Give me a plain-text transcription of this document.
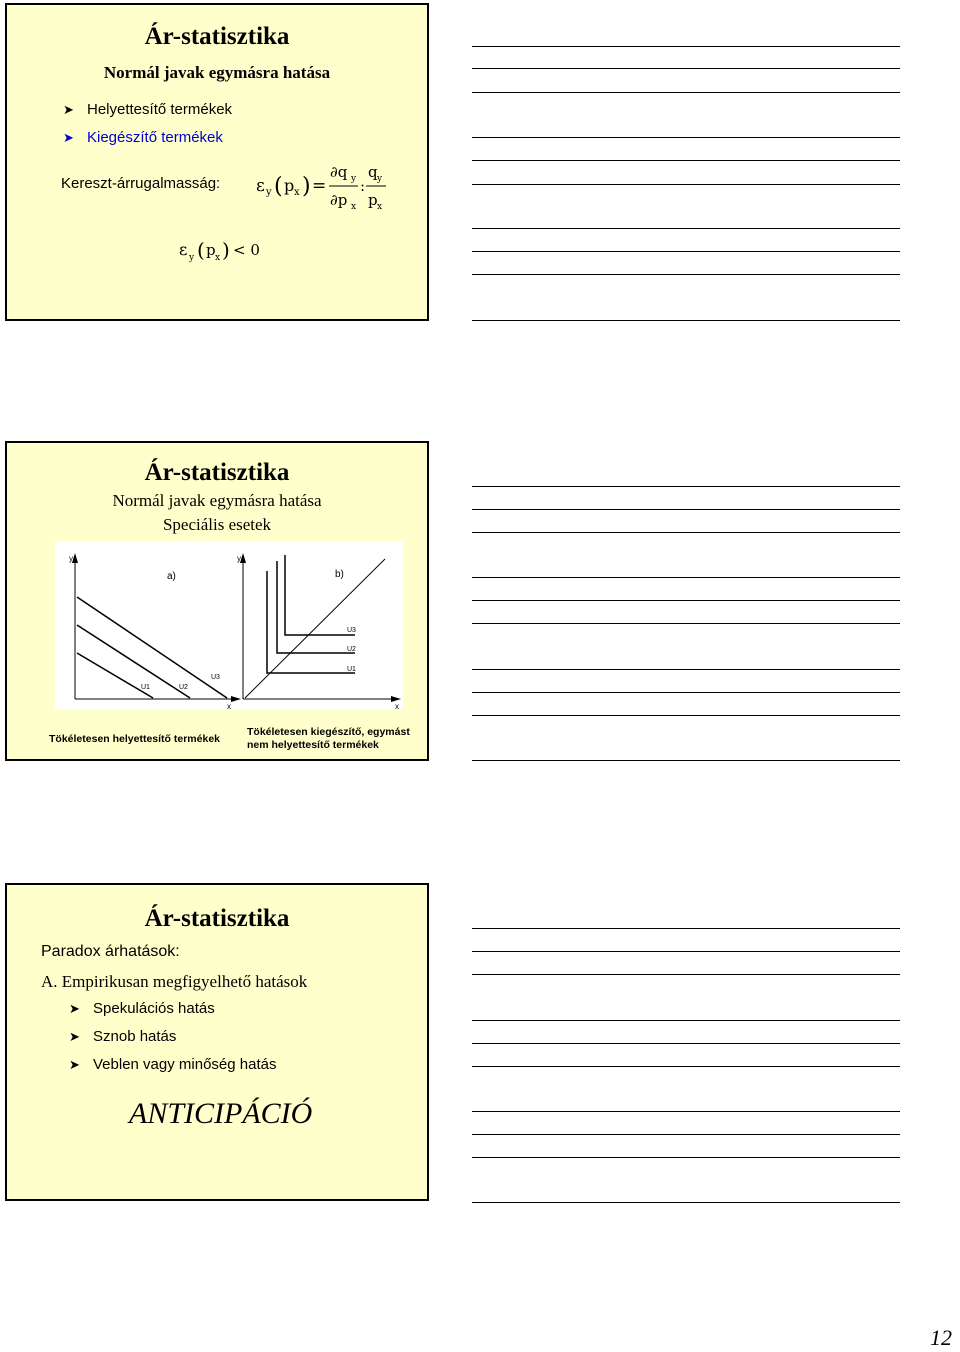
Ár-statisztika
Normál javak egymásra hatása
➤ Helyettesítő termékek
➤ Kiegészítő termékek
Kereszt-árrugalmasság: ε y ( p x ) =
∂q y
∂p x
:
q y
p x
ε y ( p x ) < 0
Ár-statisztika
Normál javak egymásra hatása
Speciális esetek
y
x
a)
U1	U2
U3
y
x
b)
U3
U2
U1
Tökéletesen helyettesítő termékek
Tökéletesen kiegészítő, egymást
nem helyettesítő termékek
Ár-statisztika
Paradox árhatások:
A. Empirikusan megfigyelhető hatások
➤ Spekulációs hatás
➤ Sznob hatás
➤ Veblen vagy minőség hatás
ANTICIPÁCIÓ
12
